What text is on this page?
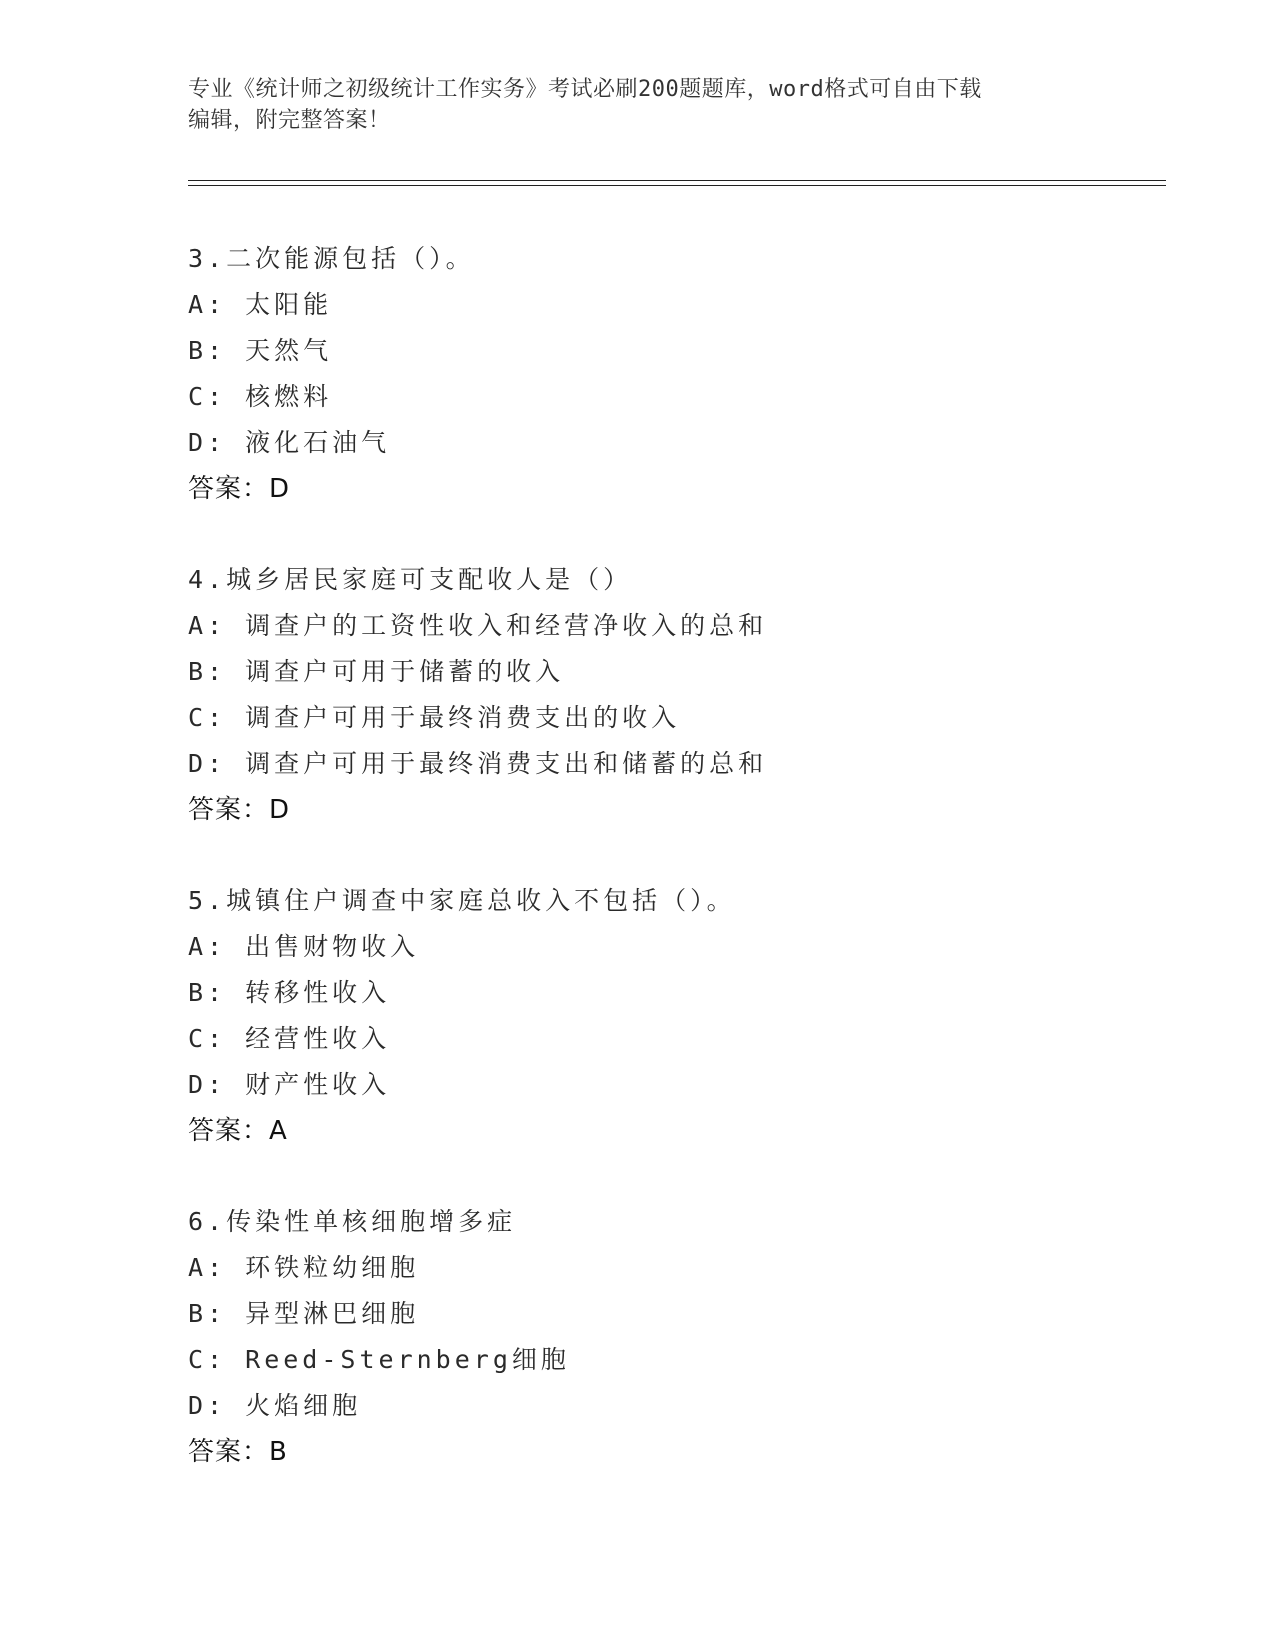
专业《统计师之初级统计工作实务》考试必刷200题题库，word格式可自由下载
编辑，附完整答案！
3.二次能源包括（）。
A: 太阳能
B: 天然气
C: 核燃料
D: 液化石油气
答案：D
4.城乡居民家庭可支配收人是（）
A: 调查户的工资性收入和经营净收入的总和
B: 调查户可用于储蓄的收入
C: 调查户可用于最终消费支出的收入
D: 调查户可用于最终消费支出和储蓄的总和
答案：D
5.城镇住户调查中家庭总收入不包括（）。
A: 出售财物收入
B: 转移性收入
C: 经营性收入
D: 财产性收入
答案：A
6.传染性单核细胞增多症
A: 环铁粒幼细胞
B: 异型淋巴细胞
C: Reed-Sternberg细胞
D: 火焰细胞
答案：B
